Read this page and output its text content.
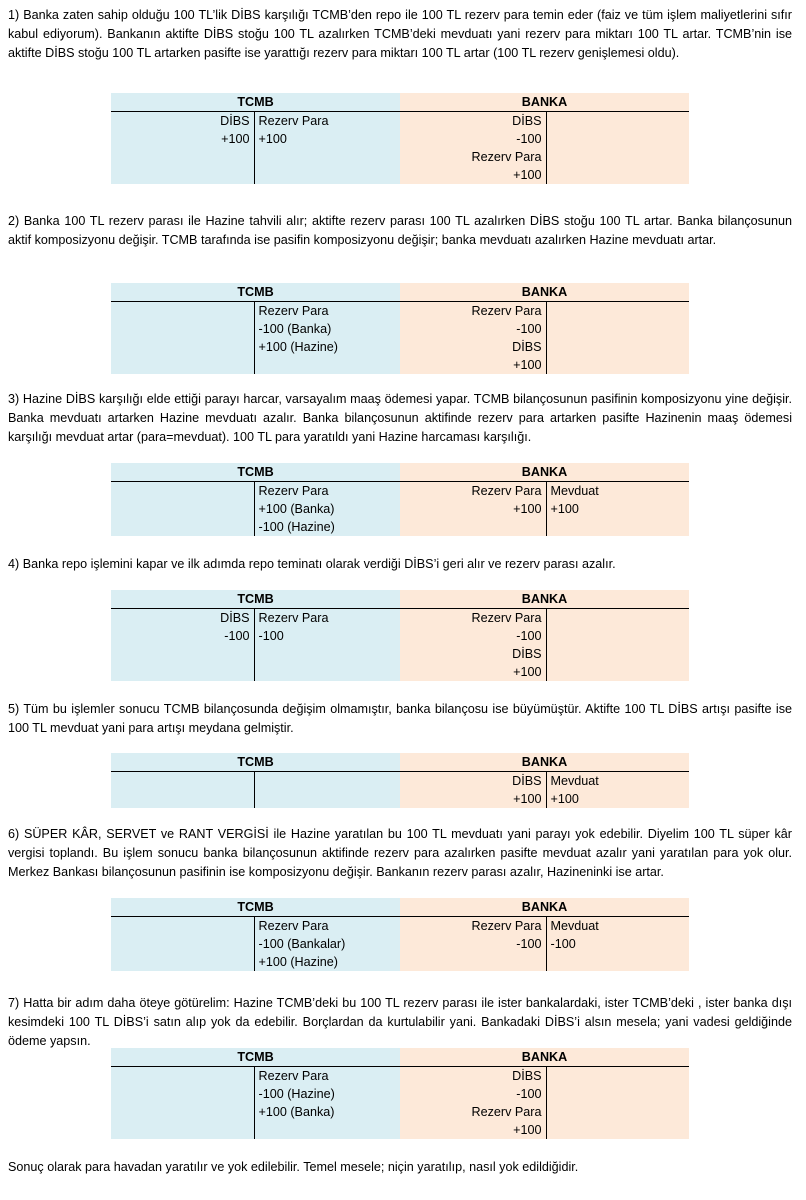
1) Banka zaten sahip olduğu 100 TL’lik DİBS karşılığı TCMB’den repo ile 100 TL rezerv para temin eder (faiz ve tüm işlem maliyetlerini sıfır kabul ediyorum). Bankanın aktifte DİBS stoğu 100 TL azalırken TCMB’deki mevduatı yani rezerv para miktarı 100 TL artar. TCMB’nin ise aktifte DİBS stoğu 100 TL artarken pasifte ise yarattığı rezerv para miktarı 100 TL artar (100 TL rezerv genişlemesi oldu).

TCMB		BANKA	
DİBS	Rezerv Para	DİBS	
+100	+100	-100	
		Rezerv Para	
		+100	

2) Banka 100 TL rezerv parası ile Hazine tahvili alır; aktifte rezerv parası 100 TL azalırken DİBS stoğu 100 TL artar. Banka bilançosunun aktif komposizyonu değişir. TCMB tarafında ise pasifin komposizyonu değişir; banka mevduatı azalırken Hazine mevduatı artar.

TCMB		BANKA	
	Rezerv Para	Rezerv Para	
	-100 (Banka)	-100	
	+100 (Hazine)	DİBS	
		+100	

3) Hazine DİBS karşılığı elde ettiği parayı harcar, varsayalım maaş ödemesi yapar. TCMB bilançosunun pasifinin komposizyonu yine değişir. Banka mevduatı artarken Hazine mevduatı azalır. Banka bilançosunun aktifinde rezerv para artarken pasifte Hazinenin maaş ödemesi karşılığı mevduat artar (para=mevduat). 100 TL para yaratıldı yani Hazine harcaması karşılığı.

TCMB		BANKA	
	Rezerv Para	Rezerv Para	Mevduat
	+100 (Banka)	+100	+100
	-100 (Hazine)		

4) Banka repo işlemini kapar ve ilk adımda repo teminatı olarak verdiği DİBS’i geri alır ve rezerv parası azalır.

TCMB		BANKA	
DİBS	Rezerv Para	Rezerv Para	
-100	-100	-100	
		DİBS	
		+100	

5) Tüm bu işlemler sonucu TCMB bilançosunda değişim olmamıştır, banka bilançosu ise büyümüştür. Aktifte 100 TL DİBS artışı pasifte ise 100 TL mevduat yani para artışı meydana gelmiştir.

TCMB		BANKA	
		DİBS	Mevduat
		+100	+100

6) SÜPER KÂR, SERVET ve RANT VERGİSİ ile Hazine yaratılan bu 100 TL mevduatı yani parayı yok edebilir. Diyelim 100 TL süper kâr vergisi toplandı. Bu işlem sonucu banka bilançosunun aktifinde rezerv para azalırken pasifte mevduat azalır yani yaratılan para yok olur. Merkez Bankası bilançosunun pasifinin ise komposizyonu değişir. Bankanın rezerv parası azalır, Hazineninki ise artar.

TCMB		BANKA	
	Rezerv Para	Rezerv Para	Mevduat
	-100 (Bankalar)	-100	-100
	+100 (Hazine)		

7) Hatta bir adım daha öteye götürelim: Hazine TCMB’deki bu 100 TL rezerv parası ile ister bankalardaki, ister TCMB’deki , ister banka dışı kesimdeki 100 TL DİBS’i satın alıp yok da edebilir. Borçlardan da kurtulabilir yani. Bankadaki DİBS’i alsın mesela; yani vadesi geldiğinde ödeme yapsın.

TCMB		BANKA	
	Rezerv Para	DİBS	
	-100 (Hazine)	-100	
	+100 (Banka)	Rezerv Para	
		+100	

Sonuç olarak para havadan yaratılır ve yok edilebilir. Temel mesele; niçin yaratılıp, nasıl yok edildiğidir.
